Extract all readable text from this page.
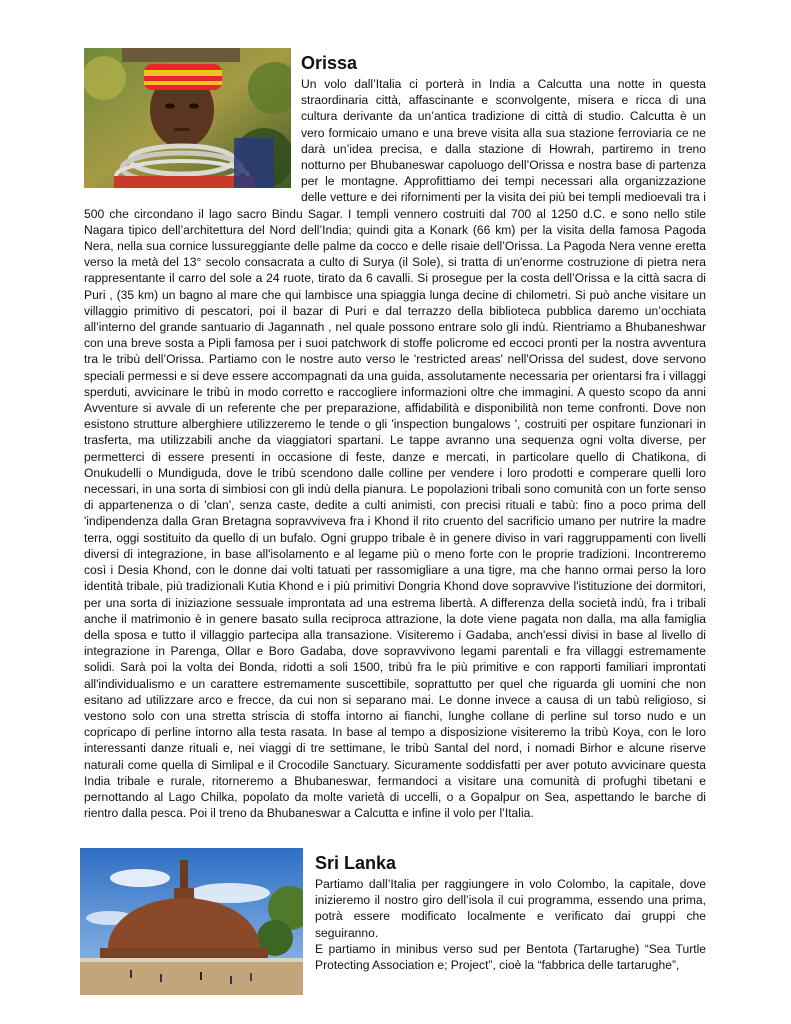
Orissa

Un volo dall’Italia ci porterà in India a Calcutta una notte in questa straordinaria città, affascinante e sconvolgente, misera e ricca di una cultura derivante da un’antica tradizione di città di studio. Calcutta è un vero formicaio umano e una breve visita alla sua stazione ferroviaria ce ne darà un’idea precisa, e dalla stazione di Howrah, partiremo in treno notturno per Bhubaneswar capoluogo dell’Orissa e nostra base di partenza per le montagne. Approfittiamo dei tempi necessari alla organizzazione delle vetture e dei rifornimenti per la visita dei più bei templi medioevali tra i 500 che circondano il lago sacro Bindu Sagar. I templi vennero costruiti dal 700 al 1250 d.C. e sono nello stile Nagara tipico dell’architettura del Nord dell’India; quindi gita a Konark (66 km) per la visita della famosa Pagoda Nera, nella sua cornice lussureggiante delle palme da cocco e delle risaie dell’Orissa. La Pagoda Nera venne eretta verso la metà del 13° secolo consacrata a culto di Surya (il Sole), si tratta di un'enorme costruzione di pietra nera rappresentante il carro del sole a 24 ruote, tirato da 6 cavalli. Si prosegue per la costa dell’Orissa e la città sacra di Puri , (35 km) un bagno al mare che qui lambisce una spiaggia lunga decine di chilometri. Si può anche visitare un villaggio primitivo di pescatori, poi il bazar di Puri e dal terrazzo della biblioteca pubblica daremo un’occhiata all’interno del grande santuario di Jagannath , nel quale possono entrare solo gli indù. Rientriamo a Bhubaneshwar con una breve sosta a Pipli famosa per i suoi patchwork di stoffe policrome ed eccoci pronti per la nostra avventura tra le tribù dell’Orissa. Partiamo con le nostre auto verso le 'restricted areas' nell'Orissa del sudest, dove servono speciali permessi e si deve essere accompagnati da una guida, assolutamente necessaria per orientarsi fra i villaggi sperduti, avvicinare le tribù in modo corretto e raccogliere informazioni oltre che immagini. A questo scopo da anni Avventure si avvale di un referente che per preparazione, affidabilità e disponibilità non teme confronti. Dove non esistono strutture alberghiere utilizzeremo le tende o gli 'inspection bungalows ', costruiti per ospitare funzionari in trasferta, ma utilizzabili anche da viaggiatori spartani. Le tappe avranno una sequenza ogni volta diverse, per permetterci di essere presenti in occasione di feste, danze e mercati, in particolare quello di Chatikona, di Onukudelli o Mundiguda, dove le tribù scendono dalle colline per vendere i loro prodotti e comperare quelli loro necessari, in una sorta di simbiosi con gli indù della pianura. Le popolazioni tribali sono comunità con un forte senso di appartenenza o di 'clan', senza caste, dedite a culti animisti, con precisi rituali e tabù: fino a poco prima dell 'indipendenza dalla Gran Bretagna sopravviveva fra i Khond il rito cruento del sacrificio umano per nutrire la madre terra, oggi sostituito da quello di un bufalo. Ogni gruppo tribale è in genere diviso in vari raggruppamenti con livelli diversi di integrazione, in base all'isolamento e al legame più o meno forte con le proprie tradizioni. Incontreremo così i Desia Khond, con le donne dai volti tatuati per rassomigliare a una tigre, ma che hanno ormai perso la loro identità tribale, più tradizionali Kutia Khond e i più primitivi Dongria Khond dove sopravvive l'istituzione dei dormitori, per una sorta di iniziazione sessuale improntata ad una estrema libertà. A differenza della società indù, fra i tribali anche il matrimonio è in genere basato sulla reciproca attrazione, la dote viene pagata non dalla, ma alla famiglia della sposa e tutto il villaggio partecipa alla transazione. Visiteremo i Gadaba, anch'essi divisi in base al livello di integrazione in Parenga, Ollar e Boro Gadaba, dove sopravvivono legami parentali e fra villaggi estremamente solidi. Sarà poi la volta dei Bonda, ridotti a soli 1500, tribù fra le più primitive e con rapporti familiari improntati all'individualismo e un carattere estremamente suscettibile, soprattutto per quel che riguarda gli uomini che non esitano ad utilizzare arco e frecce, da cui non si separano mai. Le donne invece a causa di un tabù religioso, si vestono solo con una stretta striscia di stoffa intorno ai fianchi, lunghe collane di perline sul torso nudo e un copricapo di perline intorno alla testa rasata. In base al tempo a disposizione visiteremo la tribù Koya, con le loro interessanti danze rituali e, nei viaggi di tre settimane, le tribù Santal del nord, i nomadi Birhor e alcune riserve naturali come quella di Simlipal e il Crocodile Sanctuary. Sicuramente soddisfatti per aver potuto avvicinare questa India tribale e rurale, ritorneremo a Bhubaneswar, fermandoci a visitare una comunità di profughi tibetani e pernottando al Lago Chilka, popolato da molte varietà di uccelli, o a Gopalpur on Sea, aspettando le barche di rientro dalla pesca. Poi il treno da Bhubaneswar a Calcutta e infine il volo per l’Italia.

Sri Lanka

Partiamo dall’Italia per raggiungere in volo Colombo, la capitale, dove inizieremo il nostro giro dell’isola il cui programma, essendo una prima, potrà essere modificato localmente e verificato dai gruppi che seguiranno.
E partiamo in minibus verso sud per Bentota (Tartarughe) “Sea Turtle Protecting Association e; Project”, cioè la “fabbrica delle tartarughe”,
